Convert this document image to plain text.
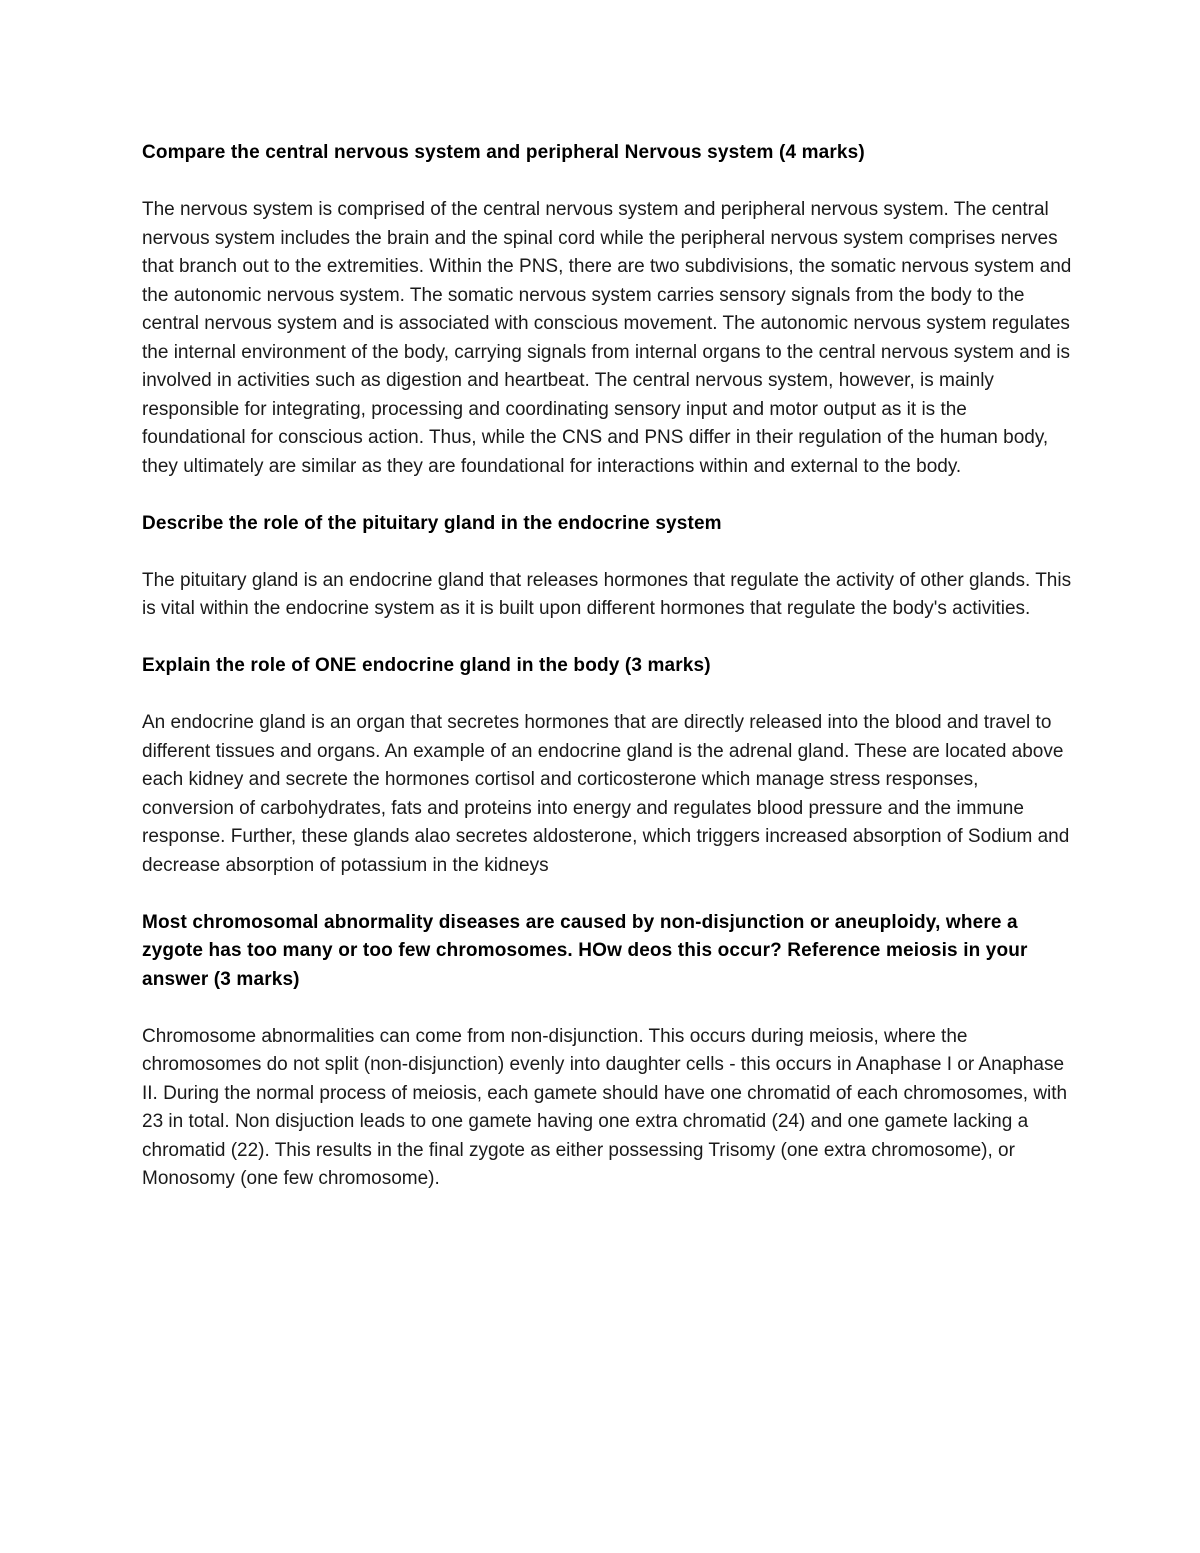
Compare the central nervous system and peripheral Nervous system (4 marks)

The nervous system is comprised of the central nervous system and peripheral nervous system. The central nervous system includes the brain and the spinal cord while the peripheral nervous system comprises nerves that branch out to the extremities. Within the PNS, there are two subdivisions, the somatic nervous system and the autonomic nervous system. The somatic nervous system carries sensory signals from the body to the central nervous system and is associated with conscious movement. The autonomic nervous system regulates the internal environment of the body, carrying signals from internal organs to the central nervous system and is involved in activities such as digestion and heartbeat. The central nervous system, however, is mainly responsible for integrating, processing and coordinating sensory input and motor output as it is the foundational for conscious action. Thus, while the CNS and PNS differ in their regulation of the human body, they ultimately are similar as they are foundational for interactions within and external to the body.

Describe the role of the pituitary gland in the endocrine system

The pituitary gland is an endocrine gland that releases hormones that regulate the activity of other glands. This is vital within the endocrine system as it is built upon different hormones that regulate the body's activities.

Explain the role of ONE endocrine gland in the body (3 marks)

An endocrine gland is an organ that secretes hormones that are directly released into the blood and travel to different tissues and organs. An example of an endocrine gland is the adrenal gland. These are located above each kidney and secrete the hormones cortisol and corticosterone which manage stress responses, conversion of carbohydrates, fats and proteins into energy and regulates blood pressure and the immune response. Further, these glands alao secretes aldosterone, which triggers increased absorption of Sodium and decrease absorption of potassium in the kidneys

Most chromosomal abnormality diseases are caused by non-disjunction or aneuploidy, where a zygote has too many or too few chromosomes. HOw deos this occur? Reference meiosis in your answer (3 marks)

Chromosome abnormalities can come from non-disjunction. This occurs during meiosis, where the chromosomes do not split (non-disjunction) evenly into daughter cells - this occurs in Anaphase I or Anaphase II. During the normal process of meiosis, each gamete should have one chromatid of each chromosomes, with 23 in total. Non disjuction leads to one gamete having one extra chromatid (24) and one gamete lacking a chromatid (22). This results in the final zygote as either possessing Trisomy (one extra chromosome), or Monosomy (one few chromosome).
